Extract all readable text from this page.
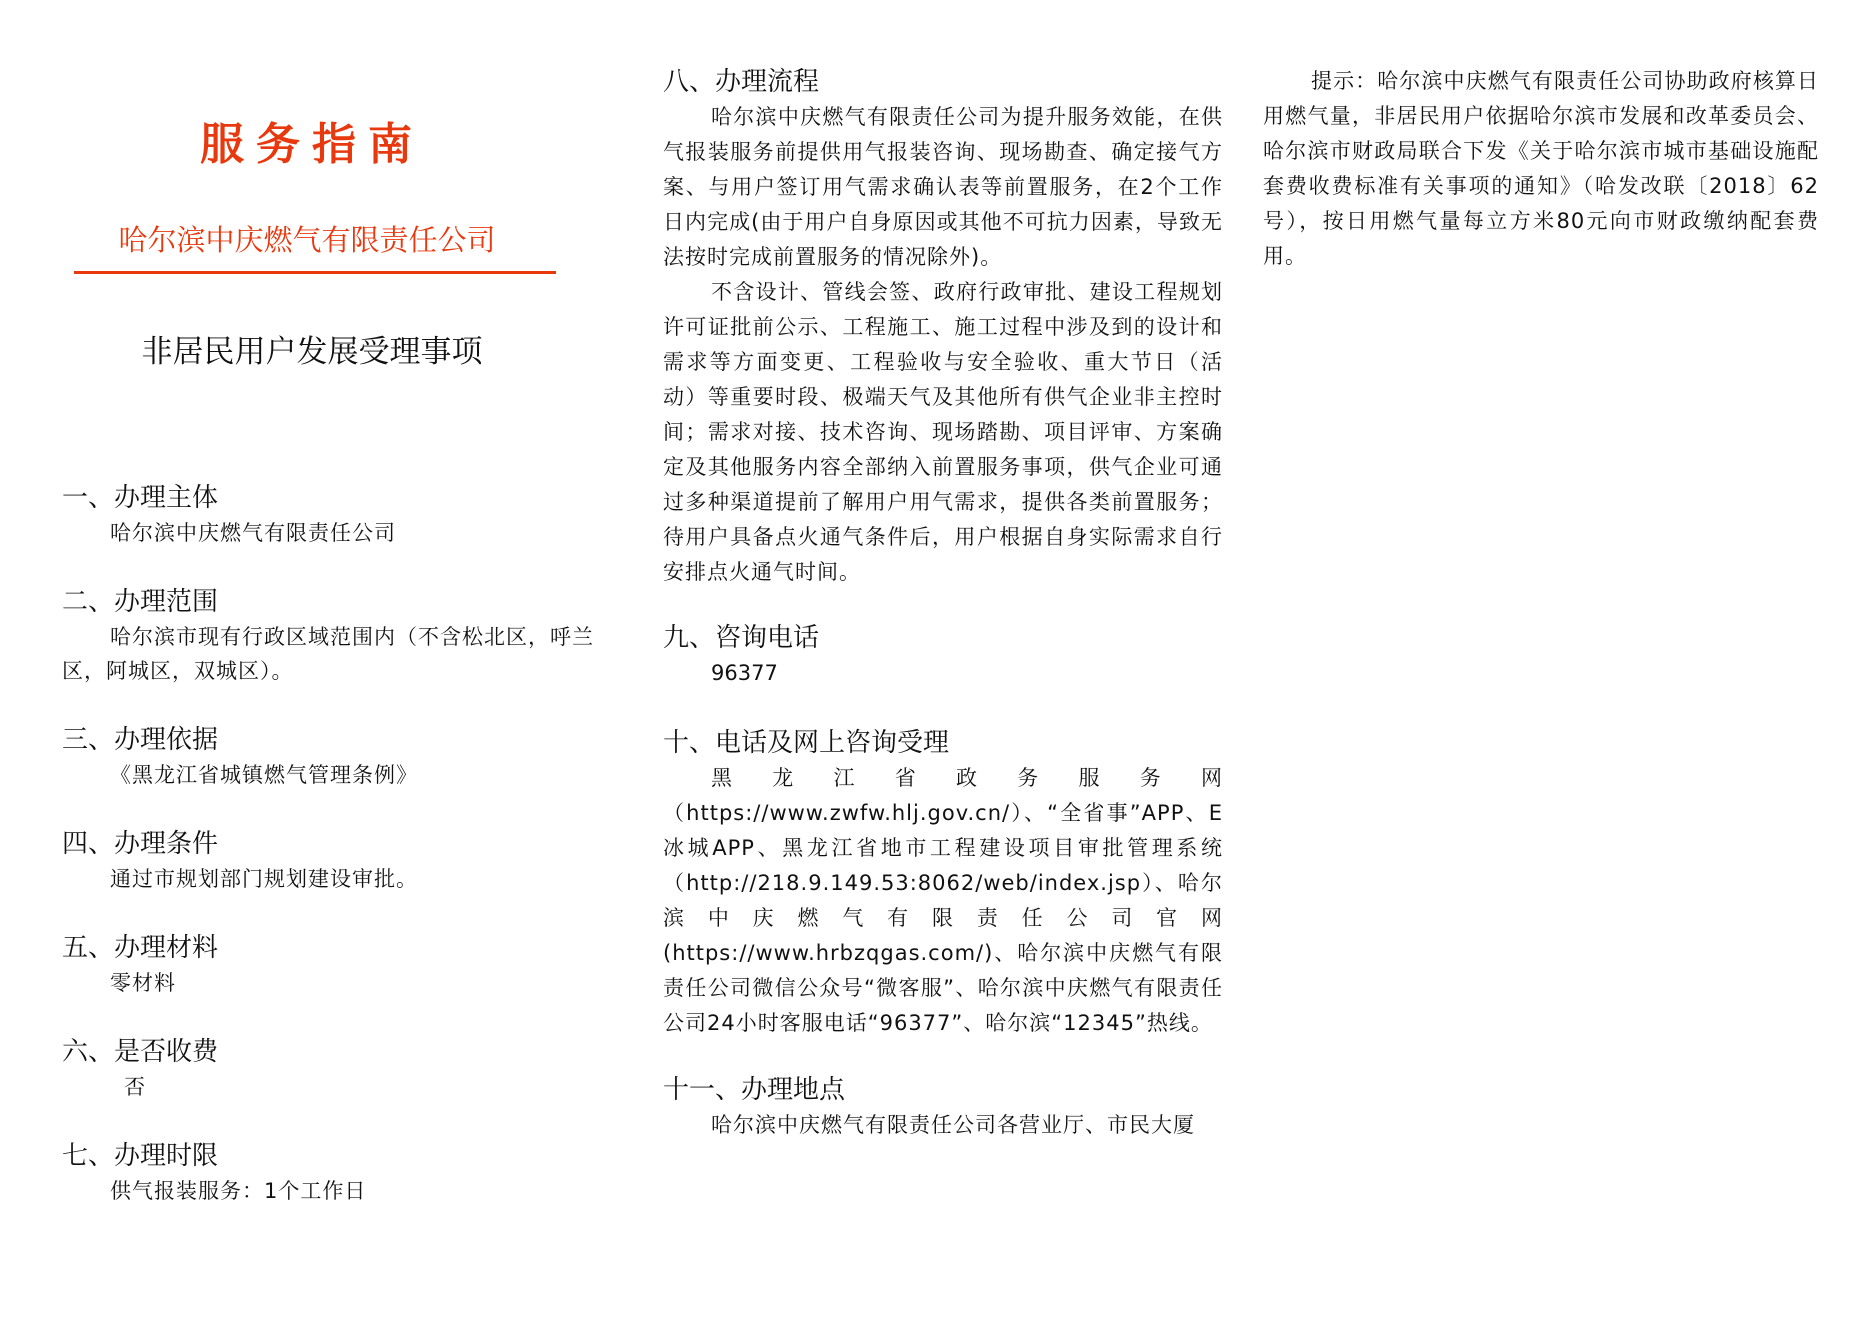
服务指南
哈尔滨中庆燃气有限责任公司
非居民用户发展受理事项
一、办理主体
哈尔滨中庆燃气有限责任公司
二、办理范围
哈尔滨市现有行政区域范围内（不含松北区，呼兰区，阿城区，双城区）。
三、办理依据
《黑龙江省城镇燃气管理条例》
四、办理条件
通过市规划部门规划建设审批。
五、办理材料
零材料
六、是否收费
否
七、办理时限
供气报装服务：1个工作日
八、办理流程
哈尔滨中庆燃气有限责任公司为提升服务效能，在供气报装服务前提供用气报装咨询、现场勘查、确定接气方案、与用户签订用气需求确认表等前置服务，在2个工作日内完成(由于用户自身原因或其他不可抗力因素，导致无法按时完成前置服务的情况除外)。
不含设计、管线会签、政府行政审批、建设工程规划许可证批前公示、工程施工、施工过程中涉及到的设计和需求等方面变更、工程验收与安全验收、重大节日（活动）等重要时段、极端天气及其他所有供气企业非主控时间；需求对接、技术咨询、现场踏勘、项目评审、方案确定及其他服务内容全部纳入前置服务事项，供气企业可通过多种渠道提前了解用户用气需求，提供各类前置服务；待用户具备点火通气条件后，用户根据自身实际需求自行安排点火通气时间。
九、咨询电话
96377
十、电话及网上咨询受理
黑龙江省政务服务网（https://www.zwfw.hlj.gov.cn/）、“全省事”APP、E冰城APP、黑龙江省地市工程建设项目审批管理系统（http://218.9.149.53:8062/web/index.jsp）、哈尔滨中庆燃气有限责任公司官网(https://www.hrbzqgas.com/)、哈尔滨中庆燃气有限责任公司微信公众号“微客服”、哈尔滨中庆燃气有限责任公司24小时客服电话“96377”、哈尔滨“12345”热线。
十一、办理地点
哈尔滨中庆燃气有限责任公司各营业厅、市民大厦
提示：哈尔滨中庆燃气有限责任公司协助政府核算日用燃气量，非居民用户依据哈尔滨市发展和改革委员会、哈尔滨市财政局联合下发《关于哈尔滨市城市基础设施配套费收费标准有关事项的通知》（哈发改联〔2018〕62号），按日用燃气量每立方米80元向市财政缴纳配套费用。
